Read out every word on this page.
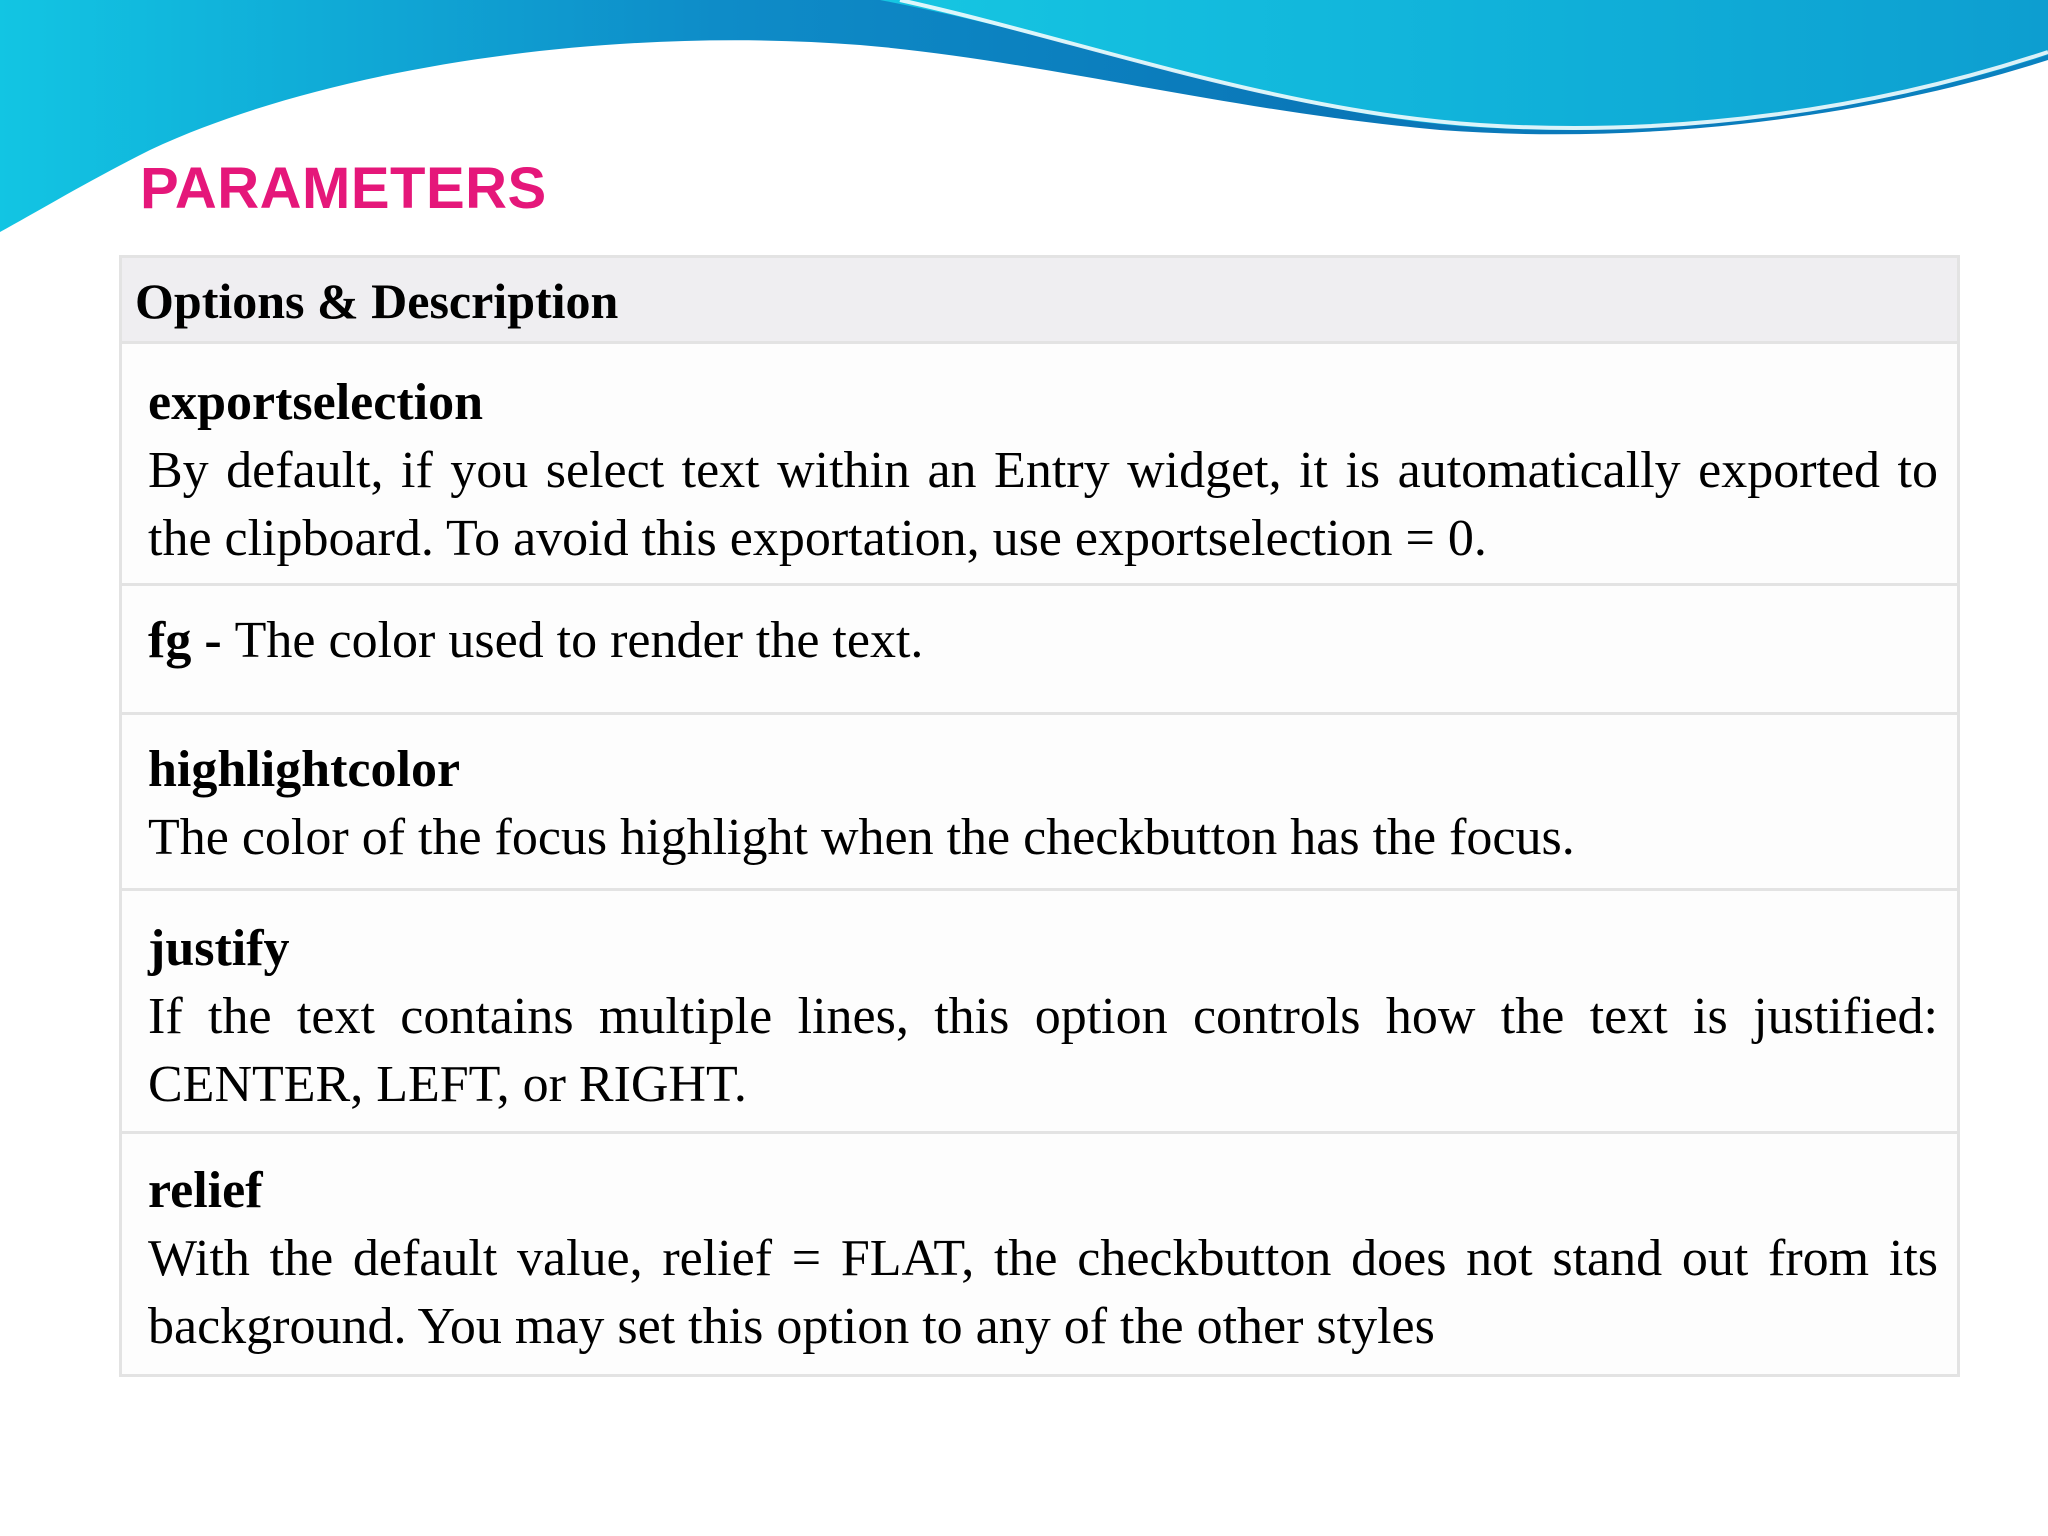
PARAMETERS
Options & Description
exportselection
By default, if you select text within an Entry widget, it is automatically exported to the clipboard. To avoid this exportation, use exportselection = 0.
fg - The color used to render the text.
highlightcolor
The color of the focus highlight when the checkbutton has the focus.
justify
If the text contains multiple lines, this option controls how the text is justified: CENTER, LEFT, or RIGHT.
relief
With the default value, relief = FLAT, the checkbutton does not stand out from its background. You may set this option to any of the other styles
